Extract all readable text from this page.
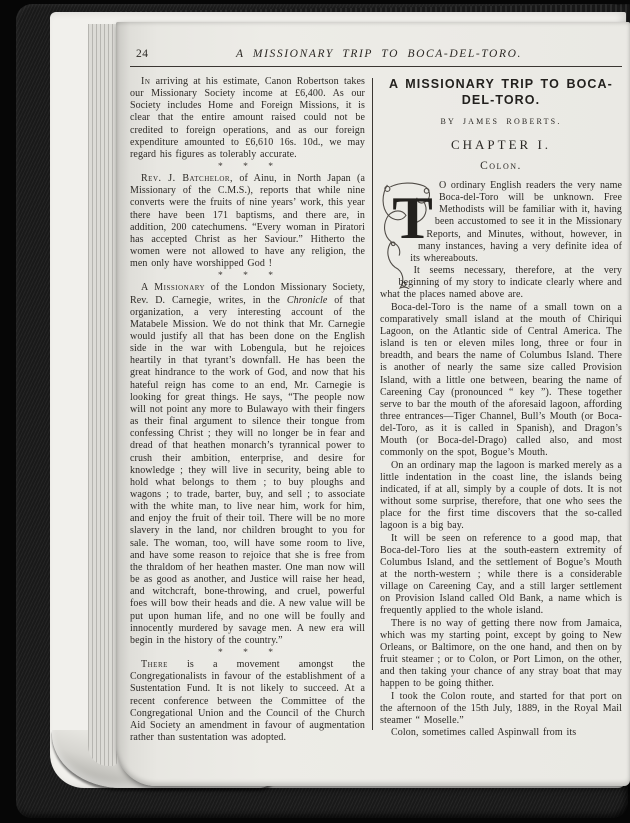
24	A MISSIONARY TRIP TO BOCA-DEL-TORO.

In arriving at his estimate, Canon Robertson takes our Missionary Society income at £6,400. As our Society includes Home and Foreign Missions, it is clear that the entire amount raised could not be credited to foreign operations, and as our foreign expenditure amounted to £6,610 16s. 10d., we may regard his figures as tolerably accurate.

* * *

Rev. J. Batchelor, of Ainu, in North Japan (a Missionary of the C.M.S.), reports that while nine converts were the fruits of nine years’ work, this year there have been 171 baptisms, and there are, in addition, 200 catechumens. “Every woman in Piratori has accepted Christ as her Saviour.” Hitherto the women were not allowed to have any religion, the men only have worshipped God !

* * *

A Missionary of the London Missionary Society, Rev. D. Carnegie, writes, in the Chronicle of that organization, a very interesting account of the Matabele Mission. We do not think that Mr. Carnegie would justify all that has been done on the English side in the war with Lobengula, but he rejoices heartily in that tyrant’s downfall. He has been the great hindrance to the work of God, and now that his hateful reign has come to an end, Mr. Carnegie is looking for great things. He says, “The people now will not point any more to Bulawayo with their fingers as their final argument to silence their tongue from confessing Christ ; they will no longer be in fear and dread of that heathen monarch’s tyrannical power to crush their ambition, enterprise, and desire for knowledge ; they will live in security, being able to hold what belongs to them ; to buy ploughs and wagons ; to trade, barter, buy, and sell ; to associate with the white man, to live near him, work for him, and enjoy the fruit of their toil. There will be no more slavery in the land, nor children brought to you for sale. The woman, too, will have some room to live, and have some reason to rejoice that she is free from the thraldom of her heathen master. One man now will be as good as another, and Justice will raise her head, and witchcraft, bone-throwing, and cruel, powerful foes will bow their heads and die. A new value will be put upon human life, and no one will be foully and innocently murdered by savage men. A new era will begin in the history of the country.”

* * *

There is a movement amongst the Congregationalists in favour of the establishment of a Sustentation Fund. It is not likely to succeed. At a recent conference between the Committee of the Congregational Union and the Council of the Church Aid Society an amendment in favour of augmentation rather than sustentation was adopted.

A MISSIONARY TRIP TO BOCA-DEL-TORO.
BY JAMES ROBERTS.
CHAPTER I.
Colon.

T O ordinary English readers the very name Boca-del-Toro will be unknown. Free Methodists will be familiar with it, having been accustomed to see it in the Missionary Reports, and Minutes, without, however, in many instances, having a very definite idea of its whereabouts.

It seems necessary, therefore, at the very beginning of my story to indicate clearly where and what the places named above are.

Boca-del-Toro is the name of a small town on a comparatively small island at the mouth of Chiriqui Lagoon, on the Atlantic side of Central America. The island is ten or eleven miles long, three or four in breadth, and bears the name of Columbus Island. There is another of nearly the same size called Provision Island, with a little one between, bearing the name of Careening Cay (pronounced “ key ”). These together serve to bar the mouth of the aforesaid lagoon, affording three entrances—Tiger Channel, Bull’s Mouth (or Boca-del-Toro, as it is called in Spanish), and Dragon’s Mouth (or Boca-del-Drago) called also, and most commonly on the spot, Bogue’s Mouth.

On an ordinary map the lagoon is marked merely as a little indentation in the coast line, the islands being indicated, if at all, simply by a couple of dots. It is not without some surprise, therefore, that one who sees the place for the first time discovers that the so-called lagoon is a big bay.

It will be seen on reference to a good map, that Boca-del-Toro lies at the south-eastern extremity of Columbus Island, and the settlement of Bogue’s Mouth at the north-western ; while there is a considerable village on Careening Cay, and a still larger settlement on Provision Island called Old Bank, a name which is frequently applied to the whole island.

There is no way of getting there now from Jamaica, which was my starting point, except by going to New Orleans, or Baltimore, on the one hand, and then on by fruit steamer ; or to Colon, or Port Limon, on the other, and then taking your chance of any stray boat that may happen to be going thither.

I took the Colon route, and started for that port on the afternoon of the 15th July, 1889, in the Royal Mail steamer “ Moselle.”

Colon, sometimes called Aspinwall from its
